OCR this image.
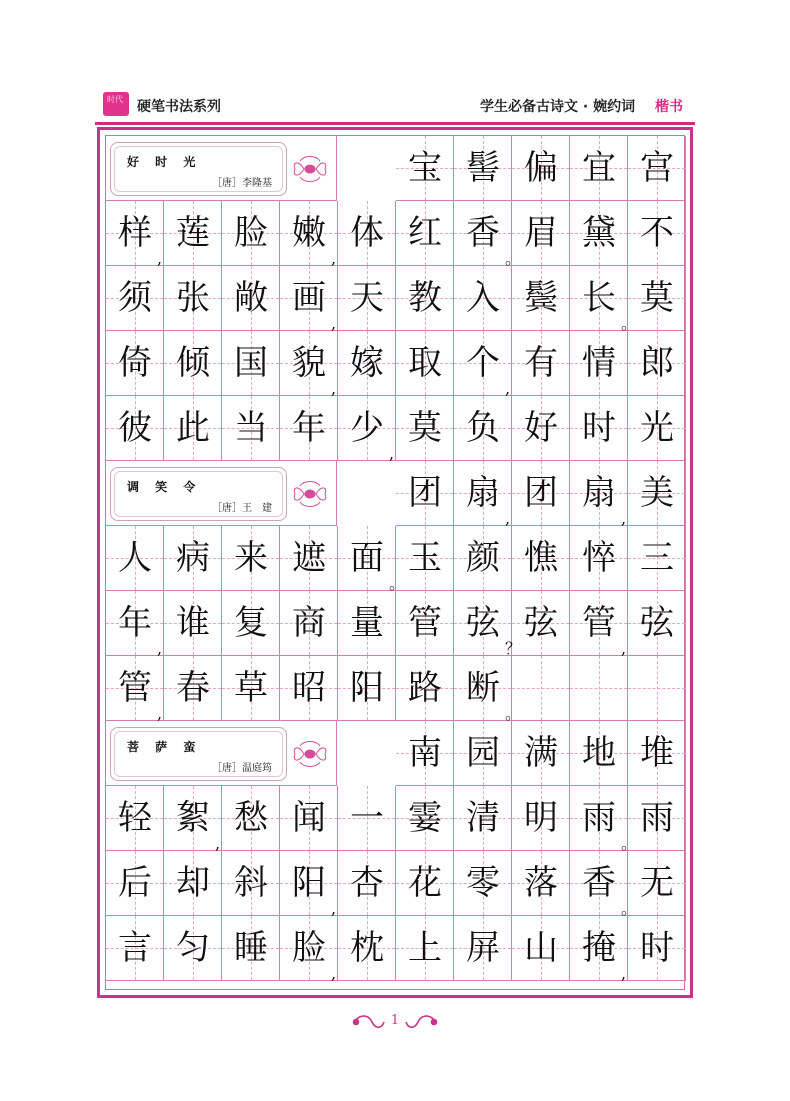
时代 硬笔书法系列	学生必备古诗文 · 婉约词 楷书
好 时 光
［唐］李隆基
调 笑 令
［唐］王　建
菩 萨 蛮
［唐］温庭筠
宝 髻 偏 宜 宫
样 莲
,
脸 嫩 体
,
红 香 眉
。
黛 不
须 张 敞 画 天
,
教 入 鬓 长 莫
。
倚 倾 国 貌 嫁
,
取 个 有
,
情 郎
彼 此 当 年 少 莫
,
负 好 时 光
团 扇 团
,
扇 美
,
人 病 来 遮 面 玉
。
颜 憔 悴 三
年 谁
,
复 商 量 管 弦 弦
？
管 弦
,
管 春
,
草 昭 阳 路 断
。
南 园 满 地 堆
轻 絮 愁
,
闻 一 霎 清 明 雨 雨
。
后 却 斜 阳 杏
,
花 零 落 香 无
。
言 匀 睡 脸 枕
,
上 屏 山 掩 时
,
1
